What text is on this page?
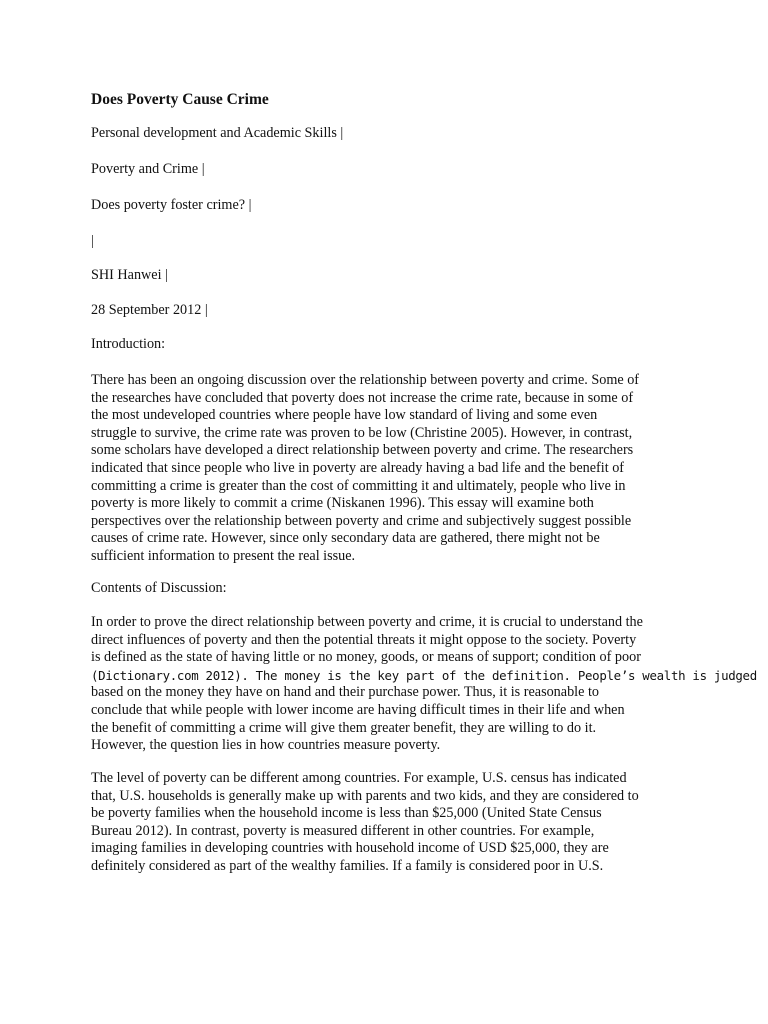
Does Poverty Cause Crime

Personal development and Academic Skills |

Poverty and Crime |

Does poverty foster crime? |

|

SHI Hanwei |

28 September 2012 |

Introduction:

There has been an ongoing discussion over the relationship between poverty and crime. Some of
the researches have concluded that poverty does not increase the crime rate, because in some of
the most undeveloped countries where people have low standard of living and some even
struggle to survive, the crime rate was proven to be low (Christine 2005). However, in contrast,
some scholars have developed a direct relationship between poverty and crime. The researchers
indicated that since people who live in poverty are already having a bad life and the benefit of
committing a crime is greater than the cost of committing it and ultimately, people who live in
poverty is more likely to commit a crime (Niskanen 1996). This essay will examine both
perspectives over the relationship between poverty and crime and subjectively suggest possible
causes of crime rate. However, since only secondary data are gathered, there might not be
sufficient information to present the real issue.

Contents of Discussion:

In order to prove the direct relationship between poverty and crime, it is crucial to understand the
direct influences of poverty and then the potential threats it might oppose to the society. Poverty
is defined as the state of having little or no money, goods, or means of support; condition of poor
(Dictionary.com 2012). The money is the key part of the definition. People’s wealth is judged
based on the money they have on hand and their purchase power. Thus, it is reasonable to
conclude that while people with lower income are having difficult times in their life and when
the benefit of committing a crime will give them greater benefit, they are willing to do it.
However, the question lies in how countries measure poverty.
The level of poverty can be different among countries. For example, U.S. census has indicated
that, U.S. households is generally make up with parents and two kids, and they are considered to
be poverty families when the household income is less than $25,000 (United State Census
Bureau 2012). In contrast, poverty is measured different in other countries. For example,
imaging families in developing countries with household income of USD $25,000, they are
definitely considered as part of the wealthy families. If a family is considered poor in U.S.
